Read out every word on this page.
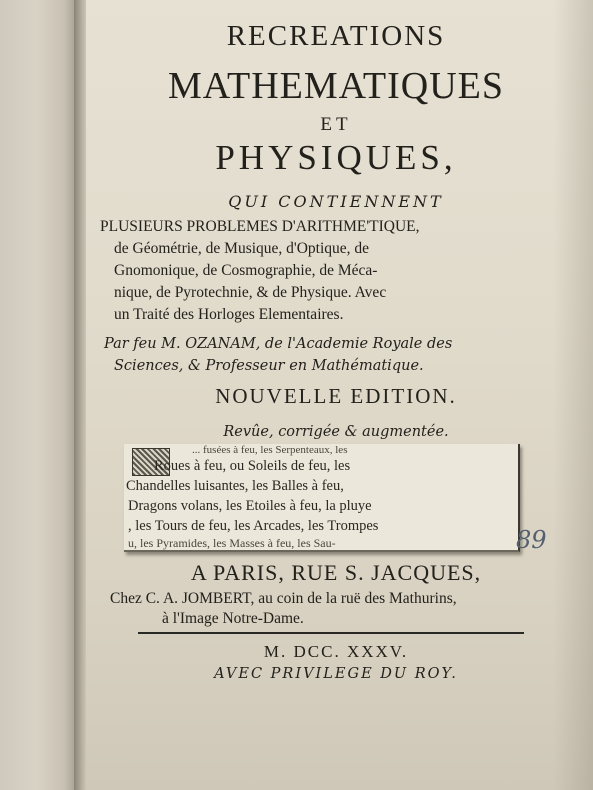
RECREATIONS

MATHEMATIQUES

ET

PHYSIQUES,

QUI CONTIENNENT

PLUSIEURS PROBLEMES D'ARITHME'TIQUE,

de Géométrie, de Musique, d'Optique, de

Gnomonique, de Cosmographie, de Méca-

nique, de Pyrotechnie, & de Physique. Avec

un Traité des Horloges Elementaires.

Par feu M. OZANAM, de l'Academie Royale des

Sciences, & Professeur en Mathématique.

NOUVELLE EDITION.

Revûe, corrigée & augmentée.

... fusées à feu, les Serpenteaux, les
Roues à feu, ou Soleils de feu, les
Chandelles luisantes, les Balles à feu,
Dragons volans, les Etoiles à feu, la pluye
, les Tours de feu, les Arcades, les Trompes
u, les Pyramides, les Masses à feu, les Sau-	89

A PARIS, RUE S. JACQUES,

Chez C. A. JOMBERT, au coin de la ruë des Mathurins,

à l'Image Notre-Dame.

M. DCC. XXXV.

AVEC PRIVILEGE DU ROY.
